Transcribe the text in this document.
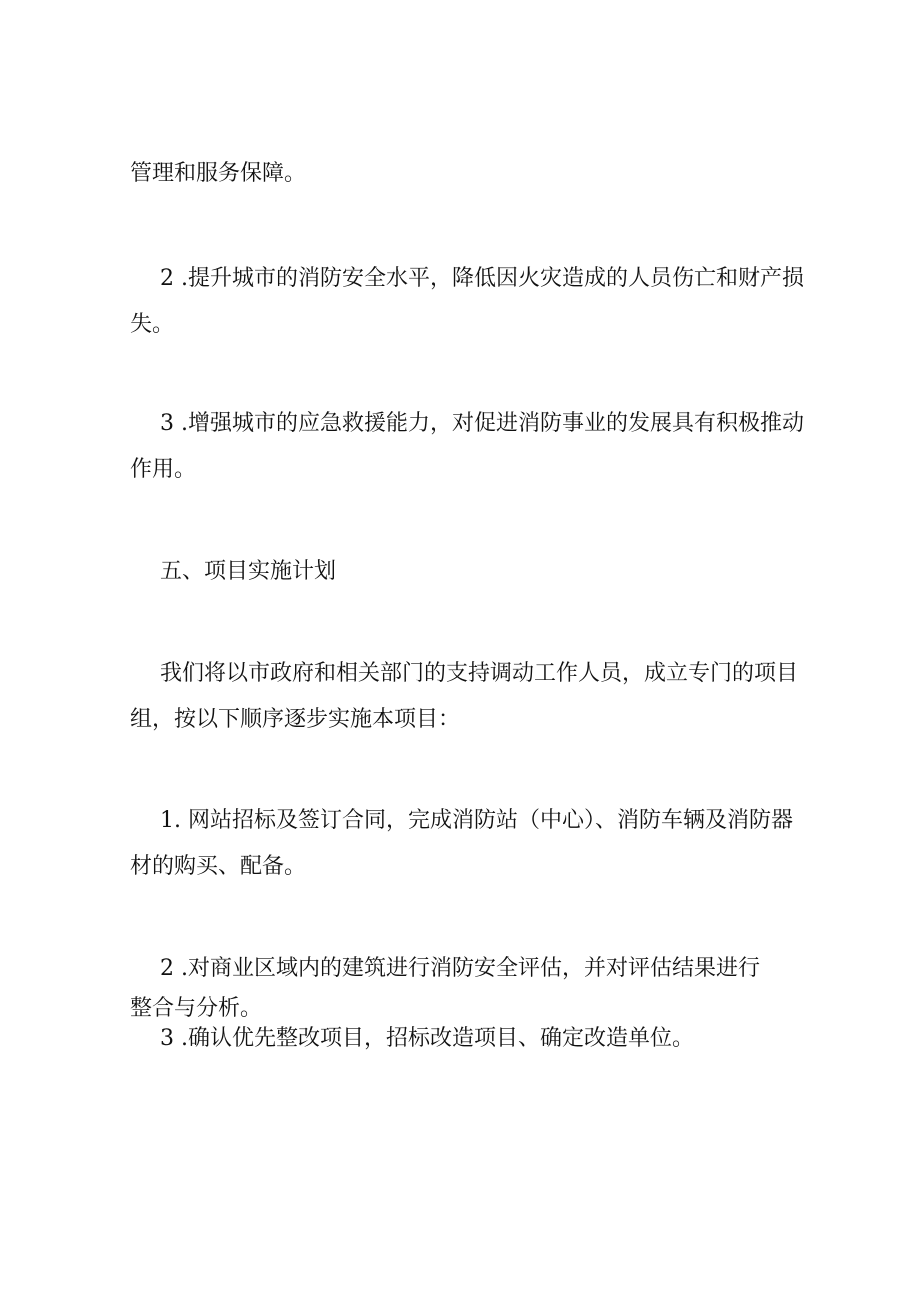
管理和服务保障。

2 .提升城市的消防安全水平，降低因火灾造成的人员伤亡和财产损

失。

3 .增强城市的应急救援能力，对促进消防事业的发展具有积极推动

作用。

五、项目实施计划

我们将以市政府和相关部门的支持调动工作人员，成立专门的项目

组，按以下顺序逐步实施本项目：

1. 网站招标及签订合同，完成消防站（中心）、消防车辆及消防器

材的购买、配备。

2 .对商业区域内的建筑进行消防安全评估，并对评估结果进行

整合与分析。

3 .确认优先整改项目，招标改造项目、确定改造单位。
